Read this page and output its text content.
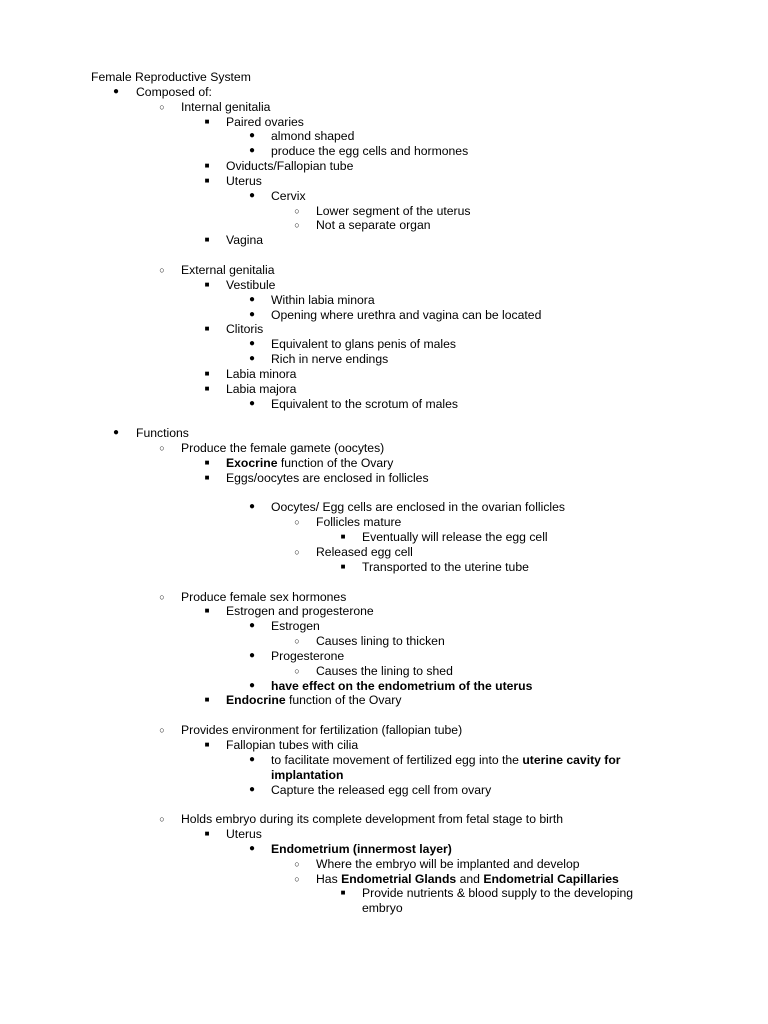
Female Reproductive System
●	Composed of:
○	Internal genitalia
■	Paired ovaries
●	almond shaped
●	produce the egg cells and hormones
■	Oviducts/Fallopian tube
■	Uterus
●	Cervix
○	Lower segment of the uterus
○	Not a separate organ
■	Vagina
○	External genitalia
■	Vestibule
●	Within labia minora
●	Opening where urethra and vagina can be located
■	Clitoris
●	Equivalent to glans penis of males
●	Rich in nerve endings
■	Labia minora
■	Labia majora
●	Equivalent to the scrotum of males
●	Functions
○	Produce the female gamete (oocytes)
■	Exocrine function of the Ovary
■	Eggs/oocytes are enclosed in follicles
●	Oocytes/ Egg cells are enclosed in the ovarian follicles
○	Follicles mature
■	Eventually will release the egg cell
○	Released egg cell
■	Transported to the uterine tube
○	Produce female sex hormones
■	Estrogen and progesterone
●	Estrogen
○	Causes lining to thicken
●	Progesterone
○	Causes the lining to shed
●	have effect on the endometrium of the uterus
■	Endocrine function of the Ovary
○	Provides environment for fertilization (fallopian tube)
■	Fallopian tubes with cilia
●	to facilitate movement of fertilized egg into the uterine cavity for
implantation
●	Capture the released egg cell from ovary
○	Holds embryo during its complete development from fetal stage to birth
■	Uterus
●	Endometrium (innermost layer)
○	Where the embryo will be implanted and develop
○	Has Endometrial Glands and Endometrial Capillaries
■	Provide nutrients & blood supply to the developing
embryo
